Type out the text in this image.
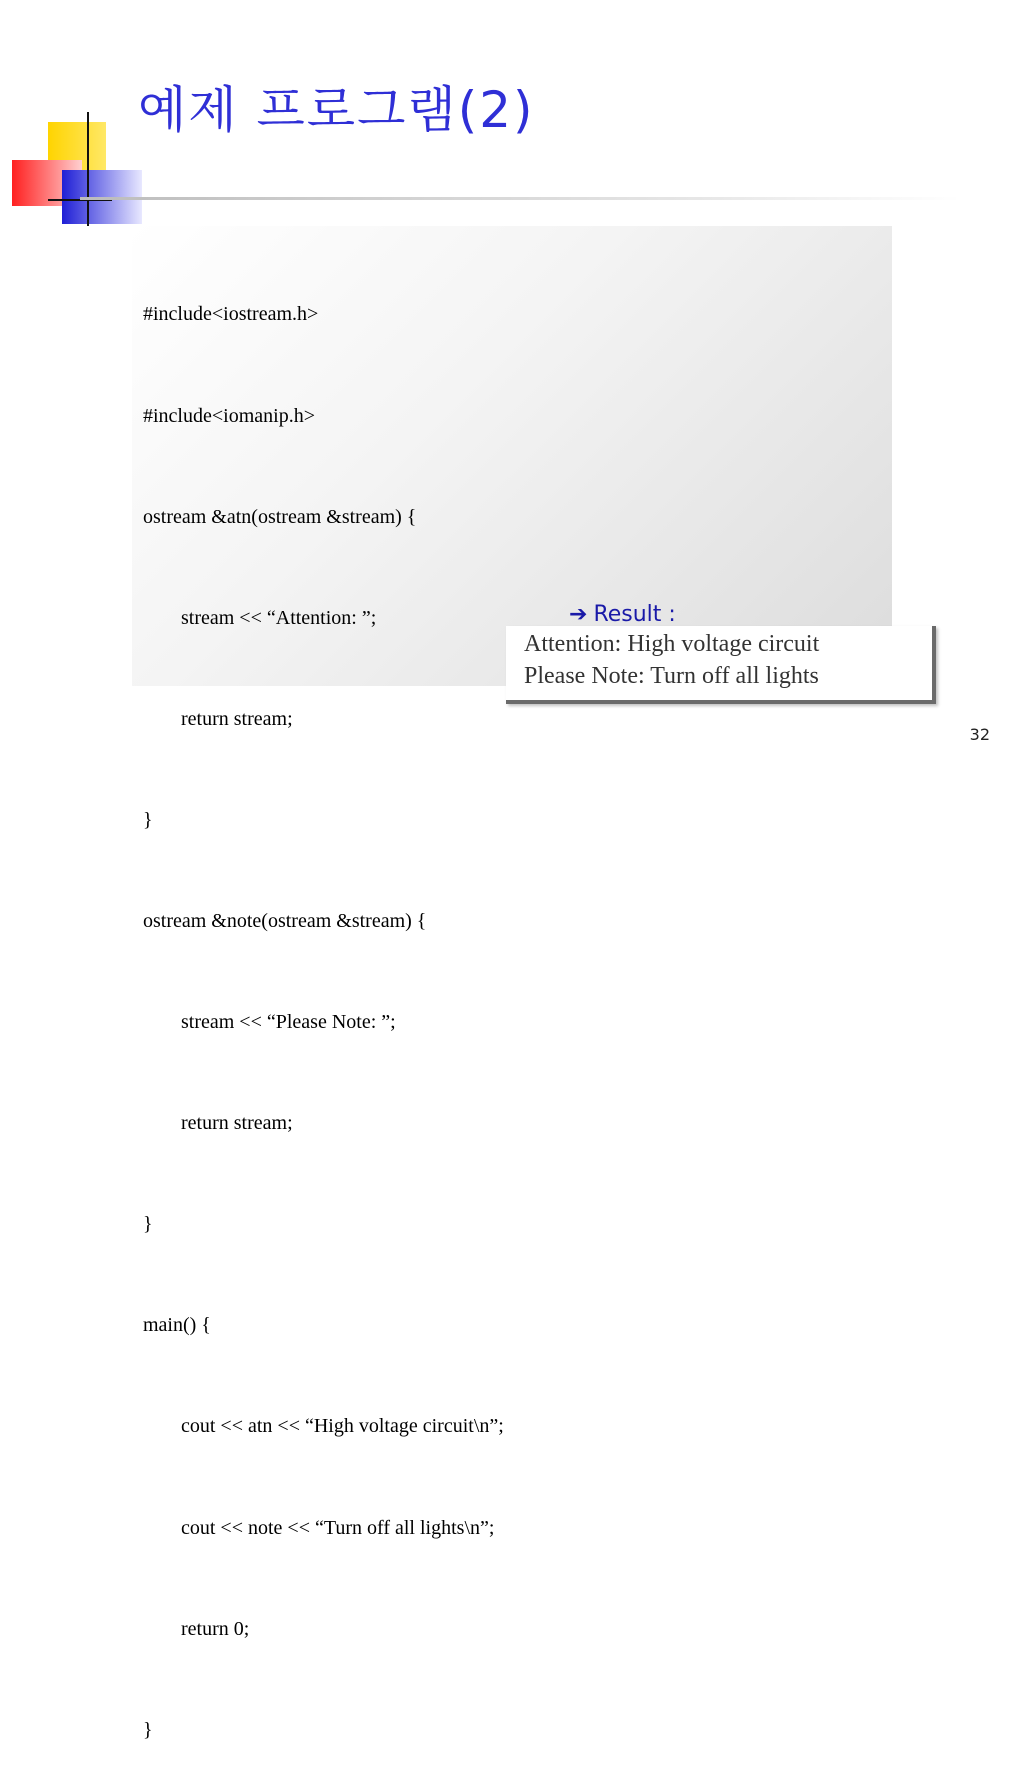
예제 프로그램(2)

#include<iostream.h>

#include<iomanip.h>

ostream &atn(ostream &stream) {

stream << “Attention: ”;

return stream;

}

ostream &note(ostream &stream) {

stream << “Please Note: ”;

return stream;

}

main() {

cout << atn << “High voltage circuit\n”;

cout << note << “Turn off all lights\n”;

return 0;

}

Attention: High voltage circuit
Please Note: Turn off all lights
➔ Result :
32
